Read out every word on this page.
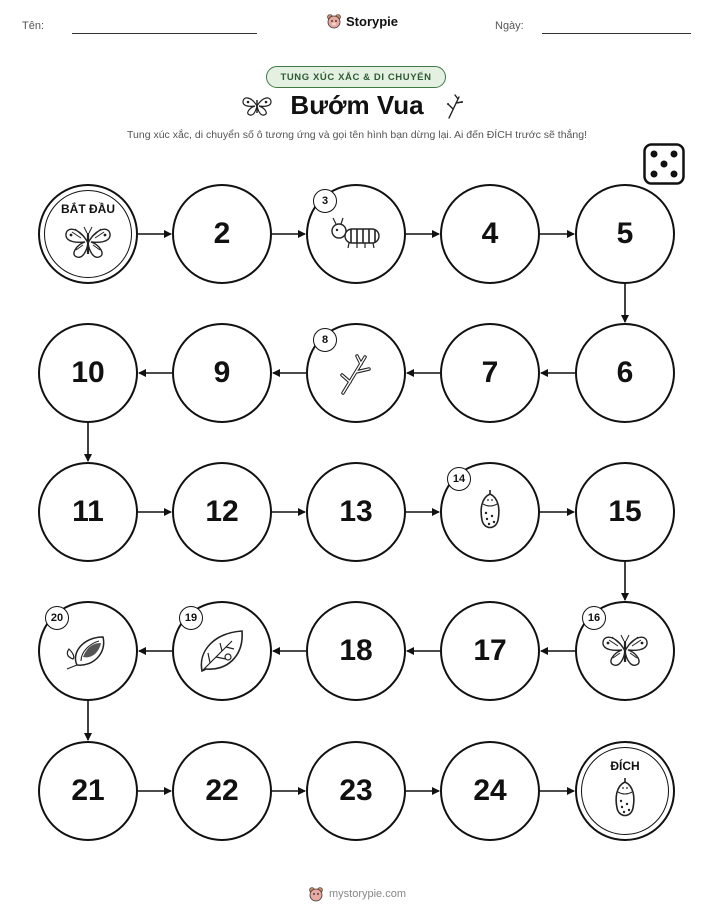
Tên:	Storypie	Ngày:
TUNG XÚC XẮC & DI CHUYỂN
Bướm Vua
Tung xúc xắc, di chuyển số ô tương ứng và gọi tên hình bạn dừng lại. Ai đến ĐÍCH trước sẽ thắng!
BẮT ĐẦU
2
3
4	5
6
7
8
9
10
11	12	13
14
15
16
17
18
19
20
21	22	23	24
ĐÍCH
mystorypie.com
